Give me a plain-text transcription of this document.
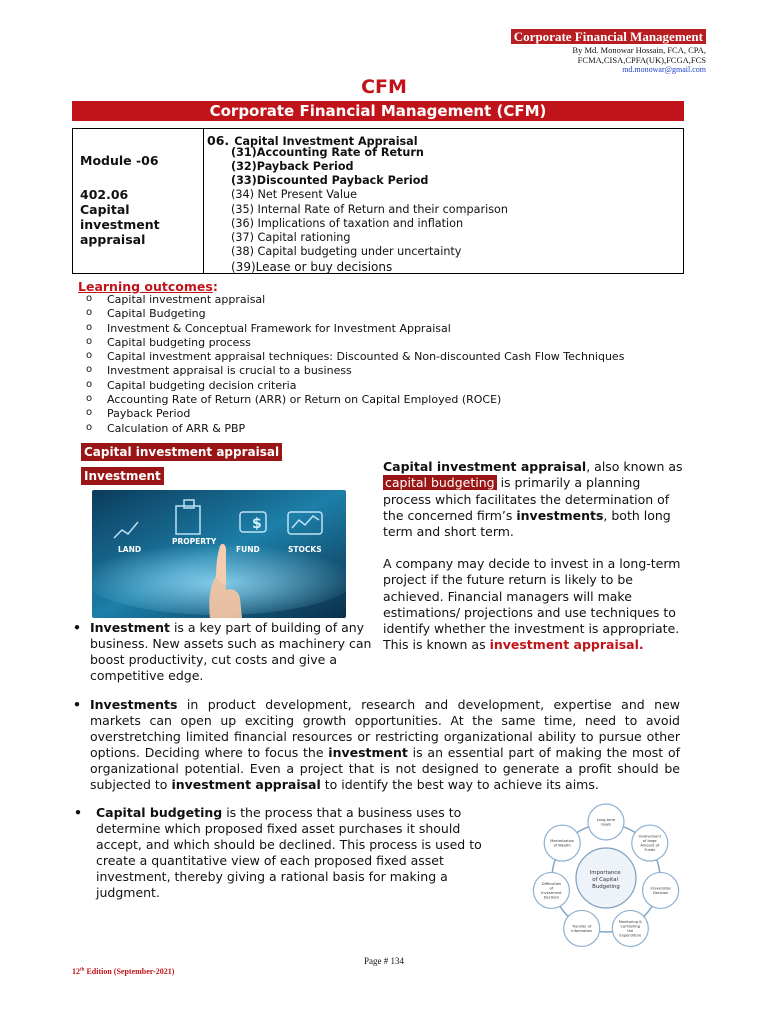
Corporate Financial Management
By Md. Monowar Hossain, FCA, CPA,
FCMA,CISA,CPFA(UK),FCGA,FCS
md.monowar@gmail.com
CFM
Corporate Financial Management (CFM)
Module -06
402.06
Capital
investment
appraisal
06. Capital Investment Appraisal
(31)Accounting Rate of Return
(32)Payback Period
(33)Discounted Payback Period
(34) Net Present Value
(35) Internal Rate of Return and their comparison
(36) Implications of taxation and inflation
(37) Capital rationing
(38) Capital budgeting under uncertainty
(39)Lease or buy decisions
Learning outcomes:
o Capital investment appraisal
o Capital Budgeting
o Investment & Conceptual Framework for Investment Appraisal
o Capital budgeting process
o Capital investment appraisal techniques: Discounted & Non-discounted Cash Flow Techniques
o Investment appraisal is crucial to a business
o Capital budgeting decision criteria
o Accounting Rate of Return (ARR) or Return on Capital Employed (ROCE)
o Payback Period
o Calculation of ARR & PBP
Capital investment appraisal
Investment
$
LAND
PROPERTY
FUND	STOCKS
Capital investment appraisal, also known as capital budgeting is primarily a planning process which facilitates the determination of the concerned firm’s investments, both long term and short term.
A company may decide to invest in a long-term project if the future return is likely to be achieved. Financial managers will make estimations/ projections and use techniques to identify whether the investment is appropriate. This is known as investment appraisal.
• Investment is a key part of building of any business. New assets such as machinery can boost productivity, cut costs and give a competitive edge.
• Investments in product development, research and development, expertise and new markets can open up exciting growth opportunities. At the same time, need to avoid overstretching limited financial resources or restricting organizational ability to pursue other options. Deciding where to focus the investment is an essential part of making the most of organizational potential. Even a project that is not designed to generate a profit should be subjected to investment appraisal to identify the best way to achieve its aims.
• Capital budgeting is the process that a business uses to determine which proposed fixed asset purchases it should accept, and which should be declined. This process is used to create a quantitative view of each proposed fixed asset investment, thereby giving a rational basis for making a judgment.
Importance of Capital Budgeting
Long-term Goals
Involvement of large Amount of Funds
Irreversible Decision
Monitoring & Controlling the Expenditure
Transfer of Information
Difficulties of Investment Decision
Maximization of Wealth
Page # 134
12th Edition (September-2021)
